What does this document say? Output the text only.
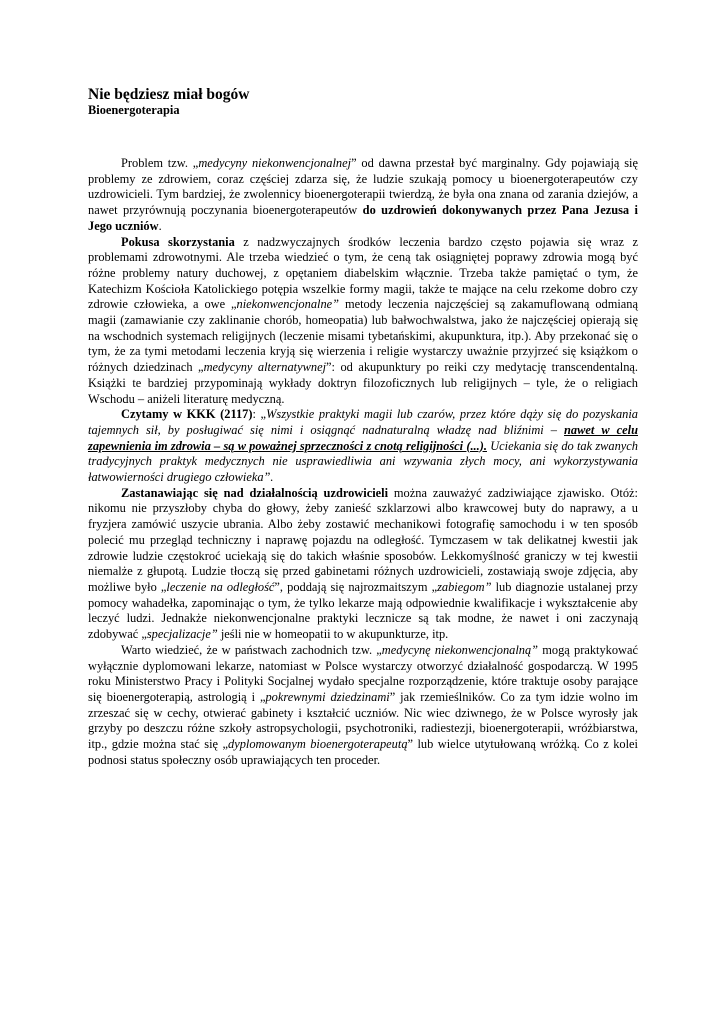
Nie będziesz miał bogów
Bioenergoterapia

Problem tzw. „medycyny niekonwencjonalnej” od dawna przestał być marginalny. Gdy pojawiają się problemy ze zdrowiem, coraz częściej zdarza się, że ludzie szukają pomocy u bioenergoterapeutów czy uzdrowicieli. Tym bardziej, że zwolennicy bioenergoterapii twierdzą, że była ona znana od zarania dziejów, a nawet przyrównują poczynania bioenergoterapeutów do uzdrowień dokonywanych przez Pana Jezusa i Jego uczniów.

Pokusa skorzystania z nadzwyczajnych środków leczenia bardzo często pojawia się wraz z problemami zdrowotnymi. Ale trzeba wiedzieć o tym, że ceną tak osiągniętej poprawy zdrowia mogą być różne problemy natury duchowej, z opętaniem diabelskim włącznie. Trzeba także pamiętać o tym, że Katechizm Kościoła Katolickiego potępia wszelkie formy magii, także te mające na celu rzekome dobro czy zdrowie człowieka, a owe „niekonwencjonalne” metody leczenia najczęściej są zakamuflowaną odmianą magii (zamawianie czy zaklinanie chorób, homeopatia) lub bałwochwalstwa, jako że najczęściej opierają się na wschodnich systemach religijnych (leczenie misami tybetańskimi, akupunktura, itp.). Aby przekonać się o tym, że za tymi metodami leczenia kryją się wierzenia i religie wystarczy uważnie przyjrzeć się książkom o różnych dziedzinach „medycyny alternatywnej”: od akupunktury po reiki czy medytację transcendentalną. Książki te bardziej przypominają wykłady doktryn filozoficznych lub religijnych – tyle, że o religiach Wschodu – aniżeli literaturę medyczną.

Czytamy w KKK (2117): „Wszystkie praktyki magii lub czarów, przez które dąży się do pozyskania tajemnych sił, by posługiwać się nimi i osiągnąć nadnaturalną władzę nad bliźnimi – nawet w celu zapewnienia im zdrowia – są w poważnej sprzeczności z cnotą religijności (...). Uciekania się do tak zwanych tradycyjnych praktyk medycznych nie usprawiedliwia ani wzywania złych mocy, ani wykorzystywania łatwowierności drugiego człowieka”.

Zastanawiając się nad działalnością uzdrowicieli można zauważyć zadziwiające zjawisko. Otóż: nikomu nie przyszłoby chyba do głowy, żeby zanieść szklarzowi albo krawcowej buty do naprawy, a u fryzjera zamówić uszycie ubrania. Albo żeby zostawić mechanikowi fotografię samochodu i w ten sposób polecić mu przegląd techniczny i naprawę pojazdu na odległość. Tymczasem w tak delikatnej kwestii jak zdrowie ludzie częstokroć uciekają się do takich właśnie sposobów. Lekkomyślność graniczy w tej kwestii niemalże z głupotą. Ludzie tłoczą się przed gabinetami różnych uzdrowicieli, zostawiają swoje zdjęcia, aby możliwe było „leczenie na odległość”, poddają się najrozmaitszym „zabiegom” lub diagnozie ustalanej przy pomocy wahadełka, zapominając o tym, że tylko lekarze mają odpowiednie kwalifikacje i wykształcenie aby leczyć ludzi. Jednakże niekonwencjonalne praktyki lecznicze są tak modne, że nawet i oni zaczynają zdobywać „specjalizacje” jeśli nie w homeopatii to w akupunkturze, itp.

Warto wiedzieć, że w państwach zachodnich tzw. „medycynę niekonwencjonalną” mogą praktykować wyłącznie dyplomowani lekarze, natomiast w Polsce wystarczy otworzyć działalność gospodarczą. W 1995 roku Ministerstwo Pracy i Polityki Socjalnej wydało specjalne rozporządzenie, które traktuje osoby parające się bioenergoterapią, astrologią i „pokrewnymi dziedzinami” jak rzemieślników. Co za tym idzie wolno im zrzeszać się w cechy, otwierać gabinety i kształcić uczniów. Nic wiec dziwnego, że w Polsce wyrosły jak grzyby po deszczu różne szkoły astropsychologii, psychotroniki, radiestezji, bioenergoterapii, wróżbiarstwa, itp., gdzie można stać się „dyplomowanym bioenergoterapeutą” lub wielce utytułowaną wróżką. Co z kolei podnosi status społeczny osób uprawiających ten proceder.
